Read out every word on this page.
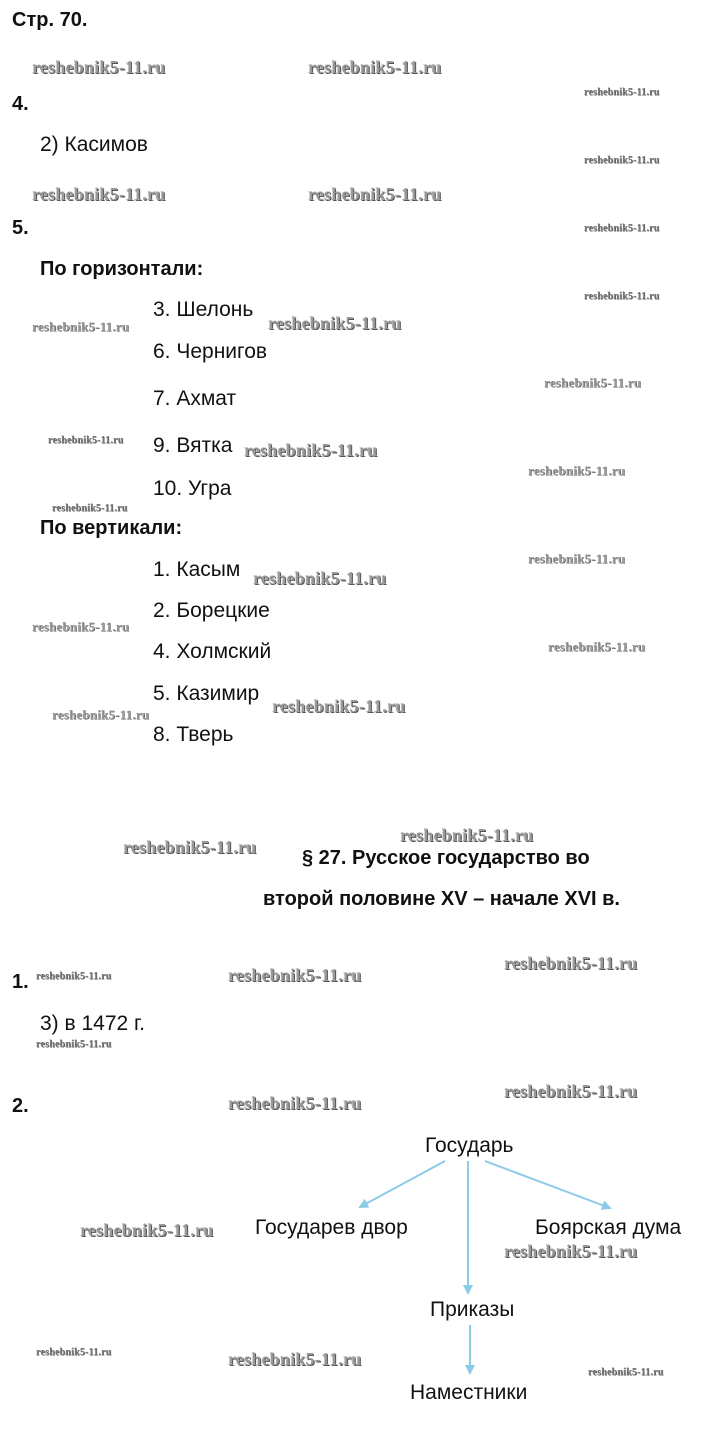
Стр. 70.
4.
2) Касимов
5.
По горизонтали:
3. Шелонь
6. Чернигов
7. Ахмат
9. Вятка
10. Угра
По вертикали:
1. Касым
2. Борецкие
4. Холмский
5. Казимир
8. Тверь
§ 27. Русское государство во
второй половине XV – начале XVI в.
1.
3) в 1472 г.
2.
Государь
Государев двор	Боярская дума
Приказы
Наместники
reshebnik5-11.ru	reshebnik5-11.ru
reshebnik5-11.ru
reshebnik5-11.ru
reshebnik5-11.ru	reshebnik5-11.ru
reshebnik5-11.ru
reshebnik5-11.ru
reshebnik5-11.ru	reshebnik5-11.ru
reshebnik5-11.ru
reshebnik5-11.ru	reshebnik5-11.ru
reshebnik5-11.ru
reshebnik5-11.ru
reshebnik5-11.ru
reshebnik5-11.ru
reshebnik5-11.ru
reshebnik5-11.ru
reshebnik5-11.ru
reshebnik5-11.ru
reshebnik5-11.ru
reshebnik5-11.ru
reshebnik5-11.ru
reshebnik5-11.ru	reshebnik5-11.ru
reshebnik5-11.ru
reshebnik5-11.ru
reshebnik5-11.ru
reshebnik5-11.ru
reshebnik5-11.ru
reshebnik5-11.ru	reshebnik5-11.ru
reshebnik5-11.ru
